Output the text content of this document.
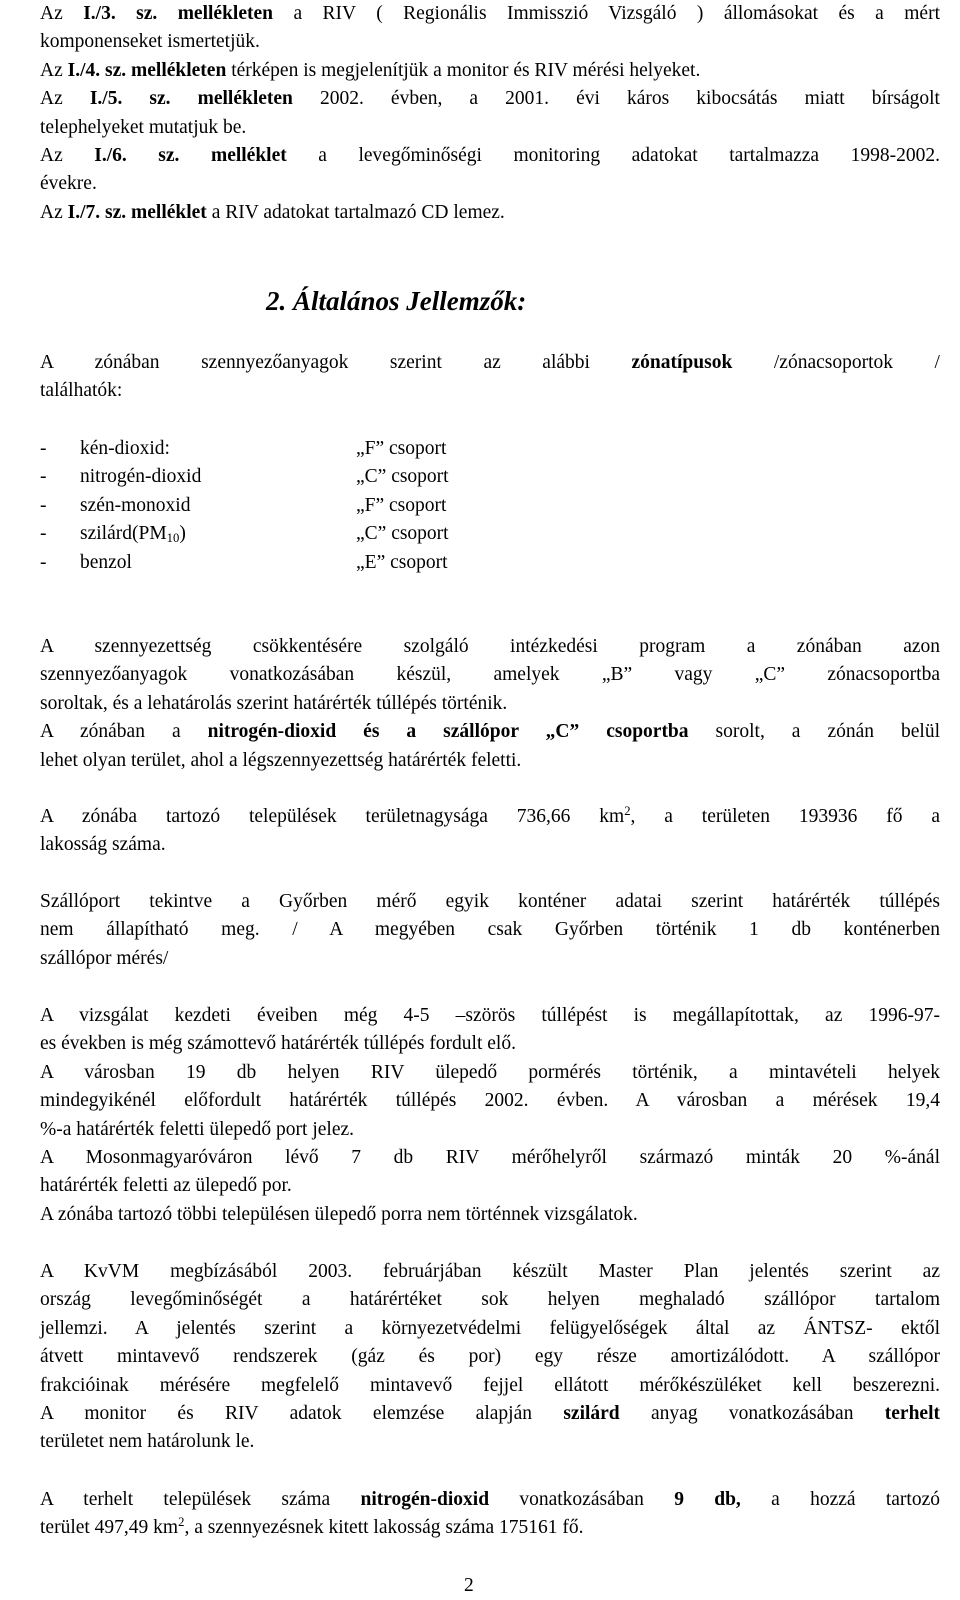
Az I./3. sz. mellékleten a RIV ( Regionális Immisszió Vizsgáló ) állomásokat és a mért

komponenseket ismertetjük.

Az I./4. sz. mellékleten térképen is megjelenítjük a monitor és RIV mérési helyeket.

Az I./5. sz. mellékleten 2002. évben, a 2001. évi káros kibocsátás miatt bírságolt

telephelyeket mutatjuk be.

Az I./6. sz. melléklet a levegőminőségi monitoring adatokat tartalmazza 1998-2002.

évekre.

Az I./7. sz. melléklet a RIV adatokat tartalmazó CD lemez.

2. Általános Jellemzők:

A zónában szennyezőanyagok szerint az alábbi zónatípusok /zónacsoportok /

találhatók:

- kén-dioxid:	„F” csoport
- nitrogén-dioxid	„C” csoport
- szén-monoxid	„F” csoport
- $szilárd(PM_{10})$	„C” csoport
- benzol	„E” csoport

A szennyezettség csökkentésére szolgáló intézkedési program a zónában azon

szennyezőanyagok vonatkozásában készül, amelyek „B” vagy „C” zónacsoportba

soroltak, és a lehatárolás szerint határérték túllépés történik.

A zónában a nitrogén-dioxid és a szállópor „C” csoportba sorolt, a zónán belül

lehet olyan terület, ahol a légszennyezettség határérték feletti.

A zónába tartozó települések területnagysága 736,66 $km^2$, a területen 193936 fő a

lakosság száma.

Szállóport tekintve a Győrben mérő egyik konténer adatai szerint határérték túllépés

nem állapítható meg. / A megyében csak Győrben történik 1 db konténerben

szállópor mérés/

A vizsgálat kezdeti éveiben még 4-5 –szörös túllépést is megállapítottak, az 1996-97-

es években is még számottevő határérték túllépés fordult elő.

A városban 19 db helyen RIV ülepedő pormérés történik, a mintavételi helyek

mindegyikénél előfordult határérték túllépés 2002. évben. A városban a mérések 19,4

%-a határérték feletti ülepedő port jelez.

A Mosonmagyaróváron lévő 7 db RIV mérőhelyről származó minták 20 %-ánál

határérték feletti az ülepedő por.

A zónába tartozó többi településen ülepedő porra nem történnek vizsgálatok.

A KvVM megbízásából 2003. februárjában készült Master Plan jelentés szerint az

ország levegőminőségét a határértéket sok helyen meghaladó szállópor tartalom

jellemzi. A jelentés szerint a környezetvédelmi felügyelőségek által az ÁNTSZ- ektől

átvett mintavevő rendszerek (gáz és por) egy része amortizálódott. A szállópor

frakcióinak mérésére megfelelő mintavevő fejjel ellátott mérőkészüléket kell beszerezni.

A monitor és RIV adatok elemzése alapján szilárd anyag vonatkozásában terhelt

területet nem határolunk le.

A terhelt települések száma nitrogén-dioxid vonatkozásában 9 db, a hozzá tartozó

terület 497,49 $km^2$, a szennyezésnek kitett lakosság száma 175161 fő.

2
